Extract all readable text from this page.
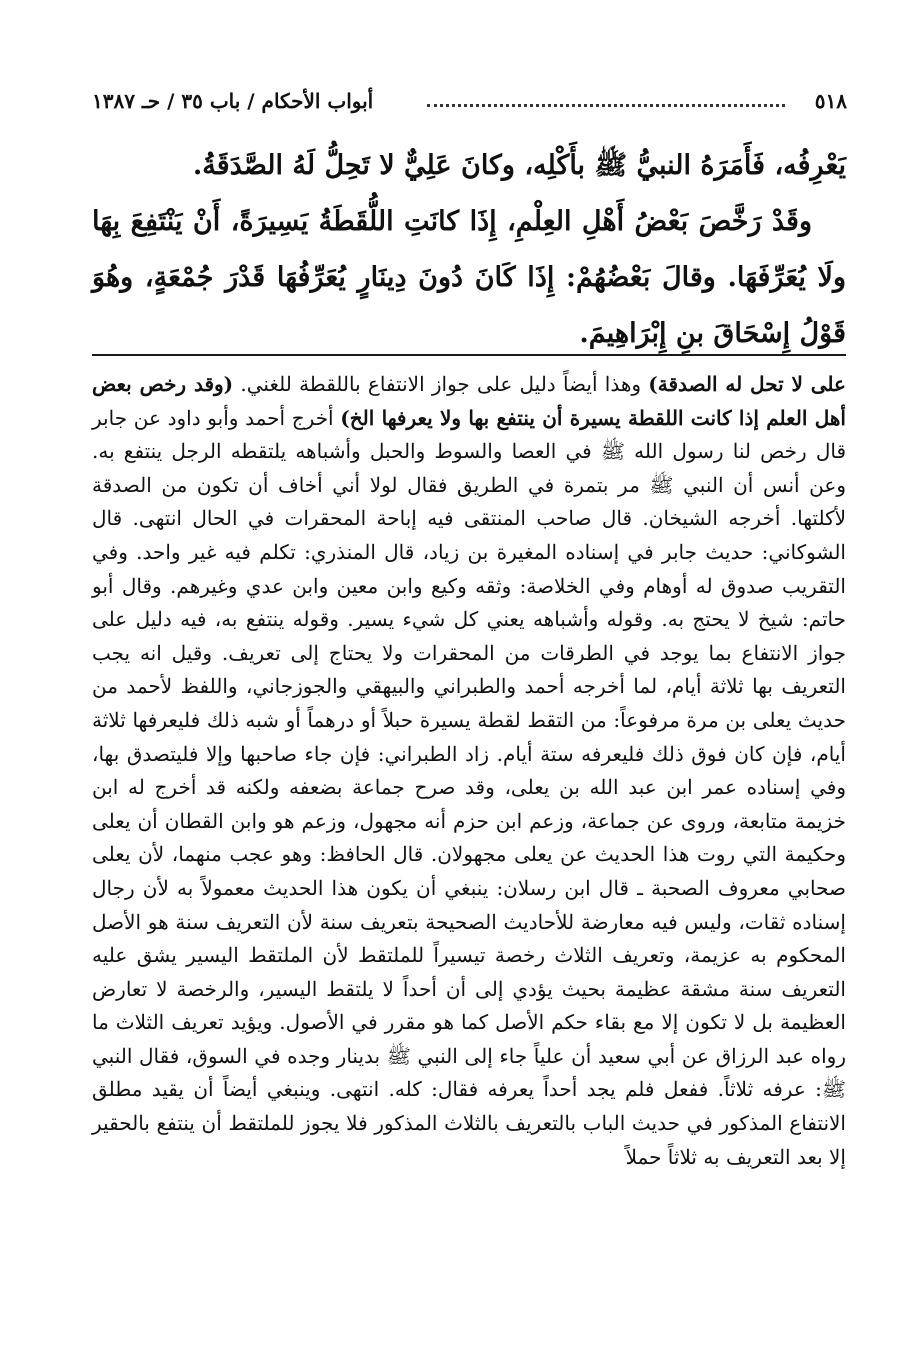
٥١٨
أبواب الأحكام / باب ٣٥ / حـ ١٣٨٧

يَعْرِفُه، فَأَمَرَهُ النبيُّ ﷺ بأَكْلِه، وكانَ عَلِيٌّ لا تَحِلُّ لَهُ الصَّدَقَةُ.

وقَدْ رَخَّصَ بَعْضُ أَهْلِ العِلْمِ، إِذَا كانَتِ اللُّقَطَةُ يَسِيرَةً، أَنْ يَنْتَفِعَ بِهَا ولَا يُعَرِّفَهَا. وقالَ بَعْضُهُمْ: إِذَا كَانَ دُونَ دِينَارٍ يُعَرِّفُهَا قَدْرَ جُمْعَةٍ، وهُوَ قَوْلُ إِسْحَاقَ بنِ إِبْرَاهِيمَ.

على لا تحل له الصدقة) وهذا أيضاً دليل على جواز الانتفاع باللقطة للغني. (وقد رخص بعض أهل العلم إذا كانت اللقطة يسيرة أن ينتفع بها ولا يعرفها الخ) أخرج أحمد وأبو داود عن جابر قال رخص لنا رسول الله ﷺ في العصا والسوط والحبل وأشباهه يلتقطه الرجل ينتفع به. وعن أنس أن النبي ﷺ مر بتمرة في الطريق فقال لولا أني أخاف أن تكون من الصدقة لأكلتها. أخرجه الشيخان. قال صاحب المنتقى فيه إباحة المحقرات في الحال انتهى. قال الشوكاني: حديث جابر في إسناده المغيرة بن زياد، قال المنذري: تكلم فيه غير واحد. وفي التقريب صدوق له أوهام وفي الخلاصة: وثقه وكيع وابن معين وابن عدي وغيرهم. وقال أبو حاتم: شيخ لا يحتج به. وقوله وأشباهه يعني كل شيء يسير. وقوله ينتفع به، فيه دليل على جواز الانتفاع بما يوجد في الطرقات من المحقرات ولا يحتاج إلى تعريف. وقيل انه يجب التعريف بها ثلاثة أيام، لما أخرجه أحمد والطبراني والبيهقي والجوزجاني، واللفظ لأحمد من حديث يعلى بن مرة مرفوعاً: من التقط لقطة يسيرة حبلاً أو درهماً أو شبه ذلك فليعرفها ثلاثة أيام، فإن كان فوق ذلك فليعرفه ستة أيام. زاد الطبراني: فإن جاء صاحبها وإلا فليتصدق بها، وفي إسناده عمر ابن عبد الله بن يعلى، وقد صرح جماعة بضعفه ولكنه قد أخرج له ابن خزيمة متابعة، وروى عن جماعة، وزعم ابن حزم أنه مجهول، وزعم هو وابن القطان أن يعلى وحكيمة التي روت هذا الحديث عن يعلى مجهولان. قال الحافظ: وهو عجب منهما، لأن يعلى صحابي معروف الصحبة ـ قال ابن رسلان: ينبغي أن يكون هذا الحديث معمولاً به لأن رجال إسناده ثقات، وليس فيه معارضة للأحاديث الصحيحة بتعريف سنة لأن التعريف سنة هو الأصل المحكوم به عزيمة، وتعريف الثلاث رخصة تيسيراً للملتقط لأن الملتقط اليسير يشق عليه التعريف سنة مشقة عظيمة بحيث يؤدي إلى أن أحداً لا يلتقط اليسير، والرخصة لا تعارض العظيمة بل لا تكون إلا مع بقاء حكم الأصل كما هو مقرر في الأصول. ويؤيد تعريف الثلاث ما رواه عبد الرزاق عن أبي سعيد أن علياً جاء إلى النبي ﷺ بدينار وجده في السوق، فقال النبي ﷺ: عرفه ثلاثاً. ففعل فلم يجد أحداً يعرفه فقال: كله. انتهى. وينبغي أيضاً أن يقيد مطلق الانتفاع المذكور في حديث الباب بالتعريف بالثلاث المذكور فلا يجوز للملتقط أن ينتفع بالحقير إلا بعد التعريف به ثلاثاً حملاً
